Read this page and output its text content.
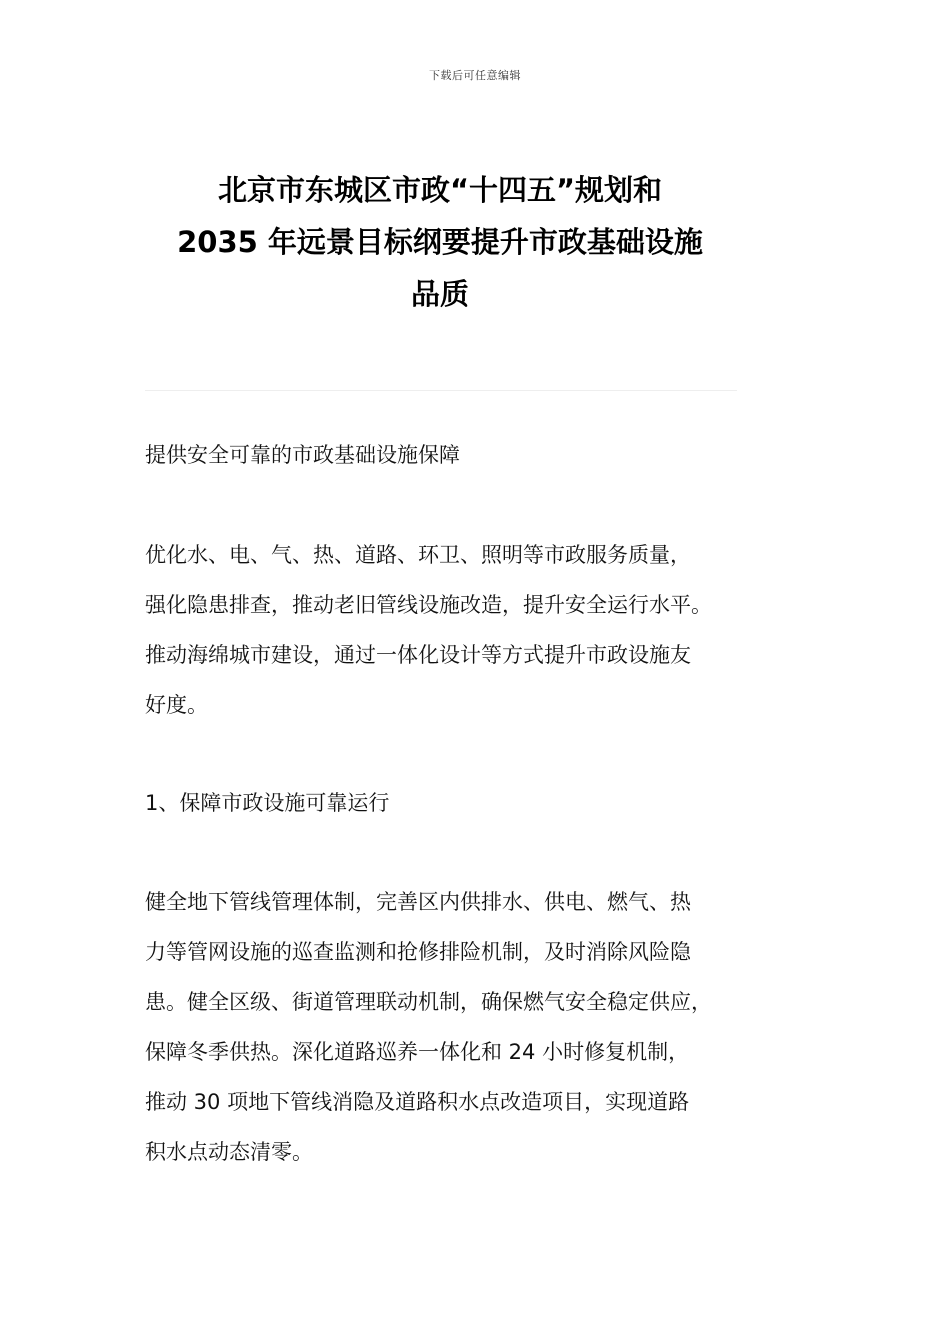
下载后可任意编辑
北京市东城区市政“十四五”规划和
2035 年远景目标纲要提升市政基础设施
品质
提供安全可靠的市政基础设施保障
优化水、电、气、热、道路、环卫、照明等市政服务质量，
强化隐患排查，推动老旧管线设施改造，提升安全运行水平。
推动海绵城市建设，通过一体化设计等方式提升市政设施友
好度。
1、保障市政设施可靠运行
健全地下管线管理体制，完善区内供排水、供电、燃气、热
力等管网设施的巡查监测和抢修排险机制，及时消除风险隐
患。健全区级、街道管理联动机制，确保燃气安全稳定供应，
保障冬季供热。深化道路巡养一体化和 24 小时修复机制，
推动 30 项地下管线消隐及道路积水点改造项目，实现道路
积水点动态清零。
